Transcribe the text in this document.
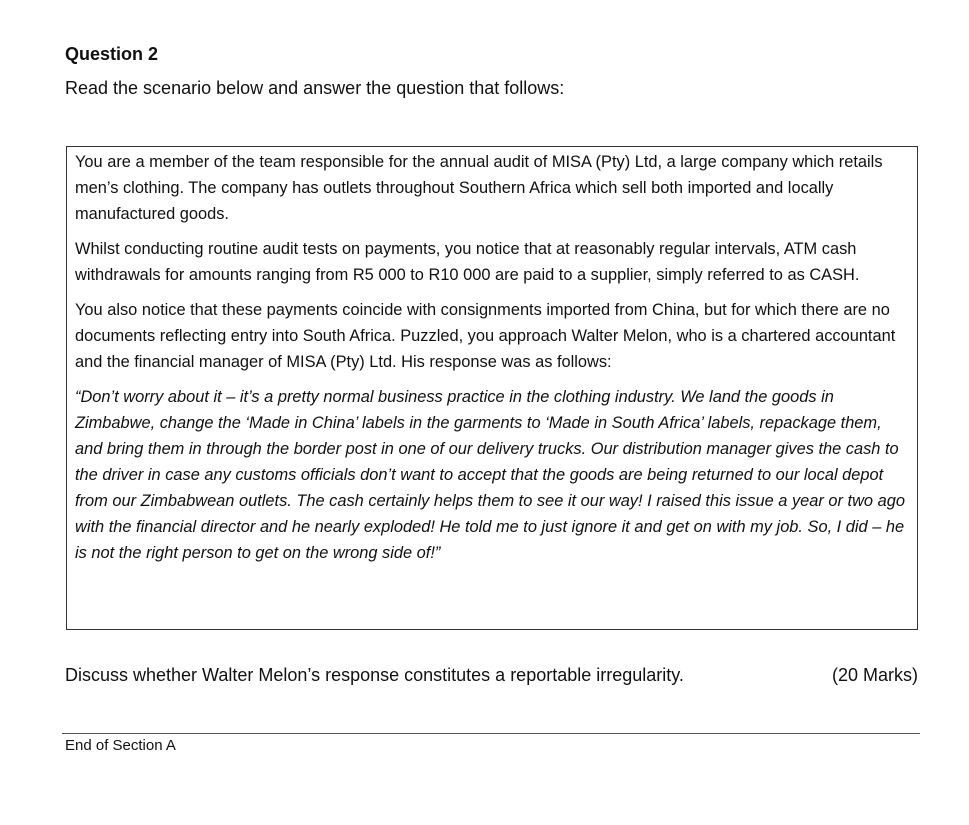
Question 2

Read the scenario below and answer the question that follows:

You are a member of the team responsible for the annual audit of MISA (Pty) Ltd, a large company which retails men’s clothing. The company has outlets throughout Southern Africa which sell both imported and locally manufactured goods.

Whilst conducting routine audit tests on payments, you notice that at reasonably regular intervals, ATM cash withdrawals for amounts ranging from R5 000 to R10 000 are paid to a supplier, simply referred to as CASH.

You also notice that these payments coincide with consignments imported from China, but for which there are no documents reflecting entry into South Africa. Puzzled, you approach Walter Melon, who is a chartered accountant and the financial manager of MISA (Pty) Ltd. His response was as follows:

“Don’t worry about it – it’s a pretty normal business practice in the clothing industry. We land the goods in Zimbabwe, change the ‘Made in China’ labels in the garments to ‘Made in South Africa’ labels, repackage them, and bring them in through the border post in one of our delivery trucks. Our distribution manager gives the cash to the driver in case any customs officials don’t want to accept that the goods are being returned to our local depot from our Zimbabwean outlets. The cash certainly helps them to see it our way! I raised this issue a year or two ago with the financial director and he nearly exploded! He told me to just ignore it and get on with my job. So, I did – he is not the right person to get on the wrong side of!”

Discuss whether Walter Melon’s response constitutes a reportable irregularity.	(20 Marks)

End of Section A
